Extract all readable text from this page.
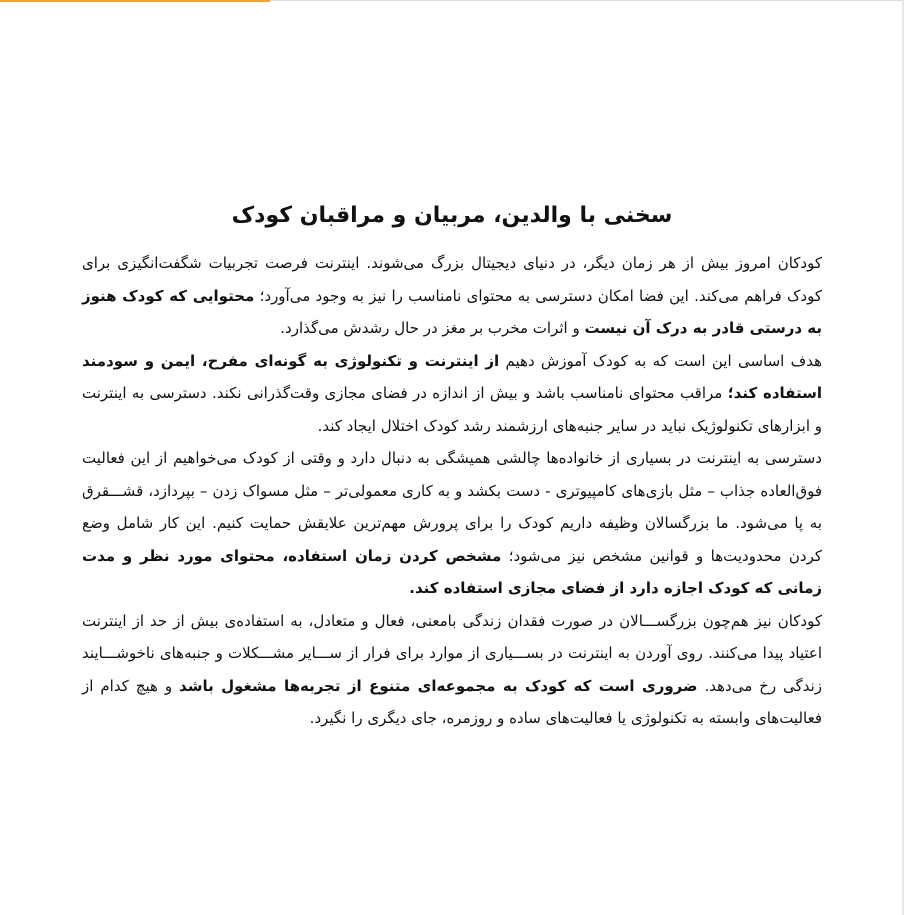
سخنی با والدین، مربیان و مراقبان کودک

کودکان امروز بیش از هر زمان دیگر، در دنیای دیجیتال بزرگ می‌شوند. اینترنت فرصت تجربیات شگفت‌انگیزی برای کودک فراهم می‌کند. این فضا امکان دسترسی به محتوای نامناسب را نیز به وجود می‌آورد؛ محتوایی که کودک هنوز به درستی قادر به درک آن نیست و اثرات مخرب بر مغز در حال رشدش می‌گذارد.

هدف اساسی این است که به کودک آموزش دهیم از اینترنت و تکنولوژی به گونه‌ای مفرح، ایمن و سودمند استفاده کند؛ مراقب محتوای نامناسب باشد و بیش از اندازه در فضای مجازی وقت‌گذرانی نکند. دسترسی به اینترنت و ابزارهای تکنولوژیک نباید در سایر جنبه‌های ارزشمند رشد کودک اختلال ایجاد کند.

دسترسی به اینترنت در بسیاری از خانواده‌ها چالشی همیشگی به دنبال دارد و وقتی از کودک می‌خواهیم از این فعالیت فوق‌العاده جذاب – مثل بازی‌های کامپیوتری - دست بکشد و به کاری معمولی‌تر – مثل مسواک زدن – بپردازد، قشـــقرق به پا می‌شود. ما بزرگسالان وظیفه داریم کودک را برای پرورش مهم‌ترین علایقش حمایت کنیم. این کار شامل وضع کردن محدودیت‌ها و قوانین مشخص نیز می‌شود؛ مشخص کردن زمان استفاده، محتوای مورد نظر و مدت زمانی که کودک اجازه دارد از فضای مجازی استفاده کند.

کودکان نیز هم‌چون بزرگســـالان در صورت فقدان زندگی بامعنی، فعال و متعادل، به استفاده‌ی بیش از حد از اینترنت اعتیاد پیدا می‌کنند. روی آوردن به اینترنت در بســـیاری از موارد برای فرار از ســـایر مشـــکلات و جنبه‌های ناخوشـــایند زندگی رخ می‌دهد. ضروری است که کودک به مجموعه‌ای متنوع از تجربه‌ها مشغول باشد و هیچ کدام از فعالیت‌های وابسته به تکنولوژی یا فعالیت‌های ساده و روزمره، جای دیگری را نگیرد.
